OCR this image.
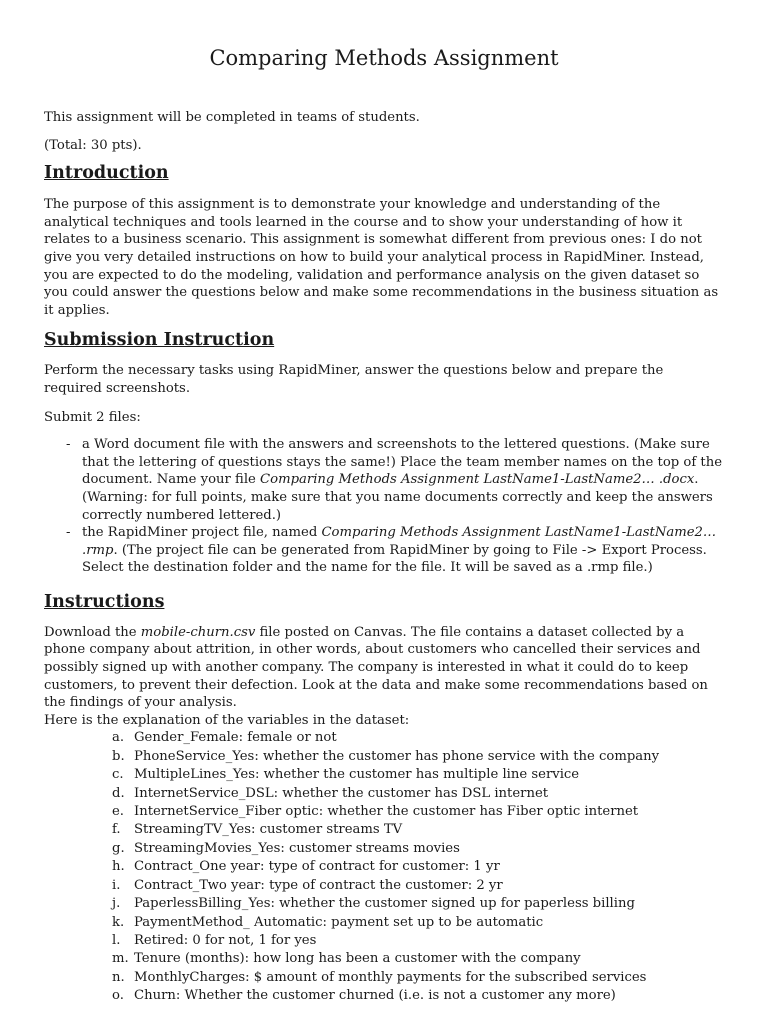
Comparing Methods Assignment

This assignment will be completed in teams of students.

(Total: 30 pts).

Introduction

The purpose of this assignment is to demonstrate your knowledge and understanding of the analytical techniques and tools learned in the course and to show your understanding of how it relates to a business scenario. This assignment is somewhat different from previous ones: I do not give you very detailed instructions on how to build your analytical process in RapidMiner. Instead, you are expected to do the modeling, validation and performance analysis on the given dataset so you could answer the questions below and make some recommendations in the business situation as it applies.

Submission Instruction

Perform the necessary tasks using RapidMiner, answer the questions below and prepare the required screenshots.

Submit 2 files:

- a Word document file with the answers and screenshots to the lettered questions. (Make sure that the lettering of questions stays the same!) Place the team member names on the top of the document. Name your file Comparing Methods Assignment LastName1-LastName2… .docx. (Warning: for full points, make sure that you name documents correctly and keep the answers correctly numbered lettered.)
- the RapidMiner project file, named Comparing Methods Assignment LastName1-LastName2… .rmp. (The project file can be generated from RapidMiner by going to File -> Export Process. Select the destination folder and the name for the file. It will be saved as a .rmp file.)
Instructions

Download the mobile-churn.csv file posted on Canvas. The file contains a dataset collected by a phone company about attrition, in other words, about customers who cancelled their services and possibly signed up with another company. The company is interested in what it could do to keep customers, to prevent their defection. Look at the data and make some recommendations based on the findings of your analysis.

Here is the explanation of the variables in the dataset:

a. Gender_Female: female or not
b. PhoneService_Yes: whether the customer has phone service with the company
c. MultipleLines_Yes: whether the customer has multiple line service
d. InternetService_DSL: whether the customer has DSL internet
e. InternetService_Fiber optic: whether the customer has Fiber optic internet
f. StreamingTV_Yes: customer streams TV
g. StreamingMovies_Yes: customer streams movies
h. Contract_One year: type of contract for customer: 1 yr
i. Contract_Two year: type of contract the customer: 2 yr
j. PaperlessBilling_Yes: whether the customer signed up for paperless billing
k. PaymentMethod_ Automatic: payment set up to be automatic
l. Retired: 0 for not, 1 for yes
m. Tenure (months): how long has been a customer with the company
n. MonthlyCharges: $ amount of monthly payments for the subscribed services
o. Churn: Whether the customer churned (i.e. is not a customer any more)
